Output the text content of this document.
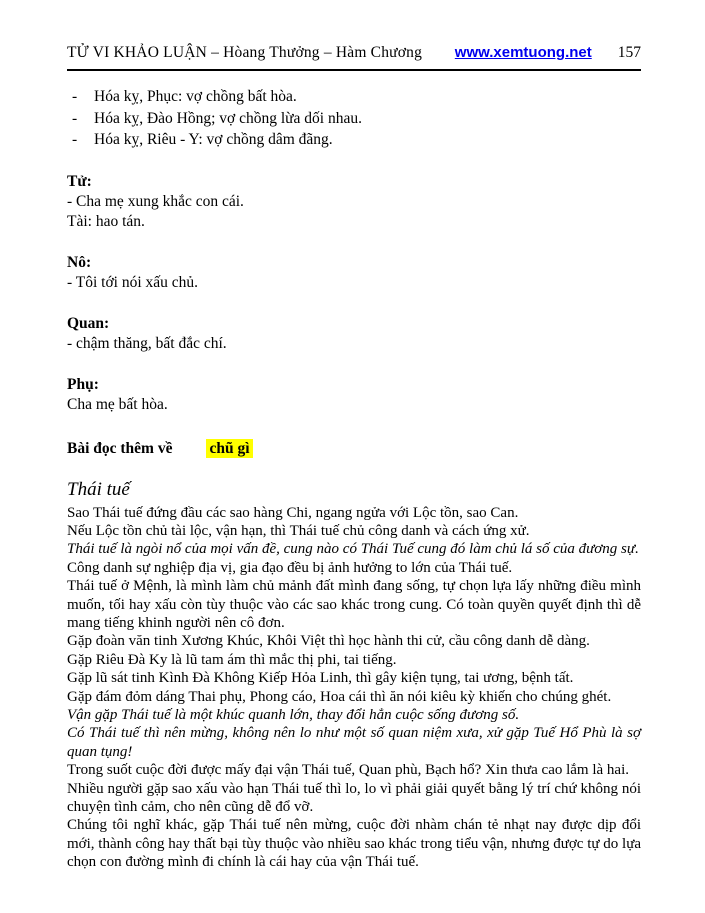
TỬ VI KHẢO LUẬN – Hòang Thưởng – Hàm Chương www.xemtuong.net 157
-	Hóa kỵ, Phục: vợ chồng bất hòa.
-	Hóa kỵ, Đào Hồng; vợ chồng lừa dối nhau.
-	Hóa kỵ, Riêu - Y: vợ chồng dâm đãng.
Tử:
- Cha mẹ xung khắc con cái.
Tài: hao tán.
Nô:
- Tôi tới nói xấu chủ.
Quan:
- chậm thăng, bất đắc chí.
Phụ:
Cha mẹ bất hòa.
Bài đọc thêm về chũ gì
Thái tuế

Sao Thái tuế đứng đầu các sao hàng Chi, ngang ngửa với Lộc tồn, sao Can.

Nếu Lộc tồn chủ tài lộc, vận hạn, thì Thái tuế chủ công danh và cách ứng xử.

Thái tuế là ngòi nổ của mọi vấn đề, cung nào có Thái Tuế cung đó làm chủ lá số của đương sự.

Công danh sự nghiệp địa vị, gia đạo đều bị ảnh hưởng to lớn của Thái tuế.

Thái tuế ở Mệnh, là mình làm chủ mảnh đất mình đang sống, tự chọn lựa lấy những điều mình muốn, tối hay xấu còn tùy thuộc vào các sao khác trong cung. Có toàn quyền quyết định thì dễ mang tiếng khinh người nên cô đơn.

Gặp đoàn văn tinh Xương Khúc, Khôi Việt thì học hành thi cử, cầu công danh dễ dàng.

Gặp Riêu Đà Ky là lũ tam ám thì mắc thị phi, tai tiếng.

Gặp lũ sát tinh Kình Đà Không Kiếp Hỏa Linh, thì gây kiện tụng, tai ương, bệnh tất.

Gặp đám đỏm dáng Thai phụ, Phong cáo, Hoa cái thì ăn nói kiêu kỳ khiến cho chúng ghét.

Vận gặp Thái tuế là một khúc quanh lớn, thay đổi hẳn cuộc sống đương số.

Có Thái tuế thì nên mừng, không nên lo như một số quan niệm xưa, xử gặp Tuế Hổ Phù là sợ quan tụng!

Trong suốt cuộc đời được mấy đại vận Thái tuế, Quan phù, Bạch hổ? Xin thưa cao lắm là hai.

Nhiều người gặp sao xấu vào hạn Thái tuế thì lo, lo vì phải giải quyết bằng lý trí chứ không nói chuyện tình cảm, cho nên cũng dễ đổ vỡ.

Chúng tôi nghĩ khác, gặp Thái tuế nên mừng, cuộc đời nhàm chán tẻ nhạt nay được dịp đổi mới, thành công hay thất bại tùy thuộc vào nhiều sao khác trong tiểu vận, nhưng được tự do lựa chọn con đường mình đi chính là cái hay của vận Thái tuế.
